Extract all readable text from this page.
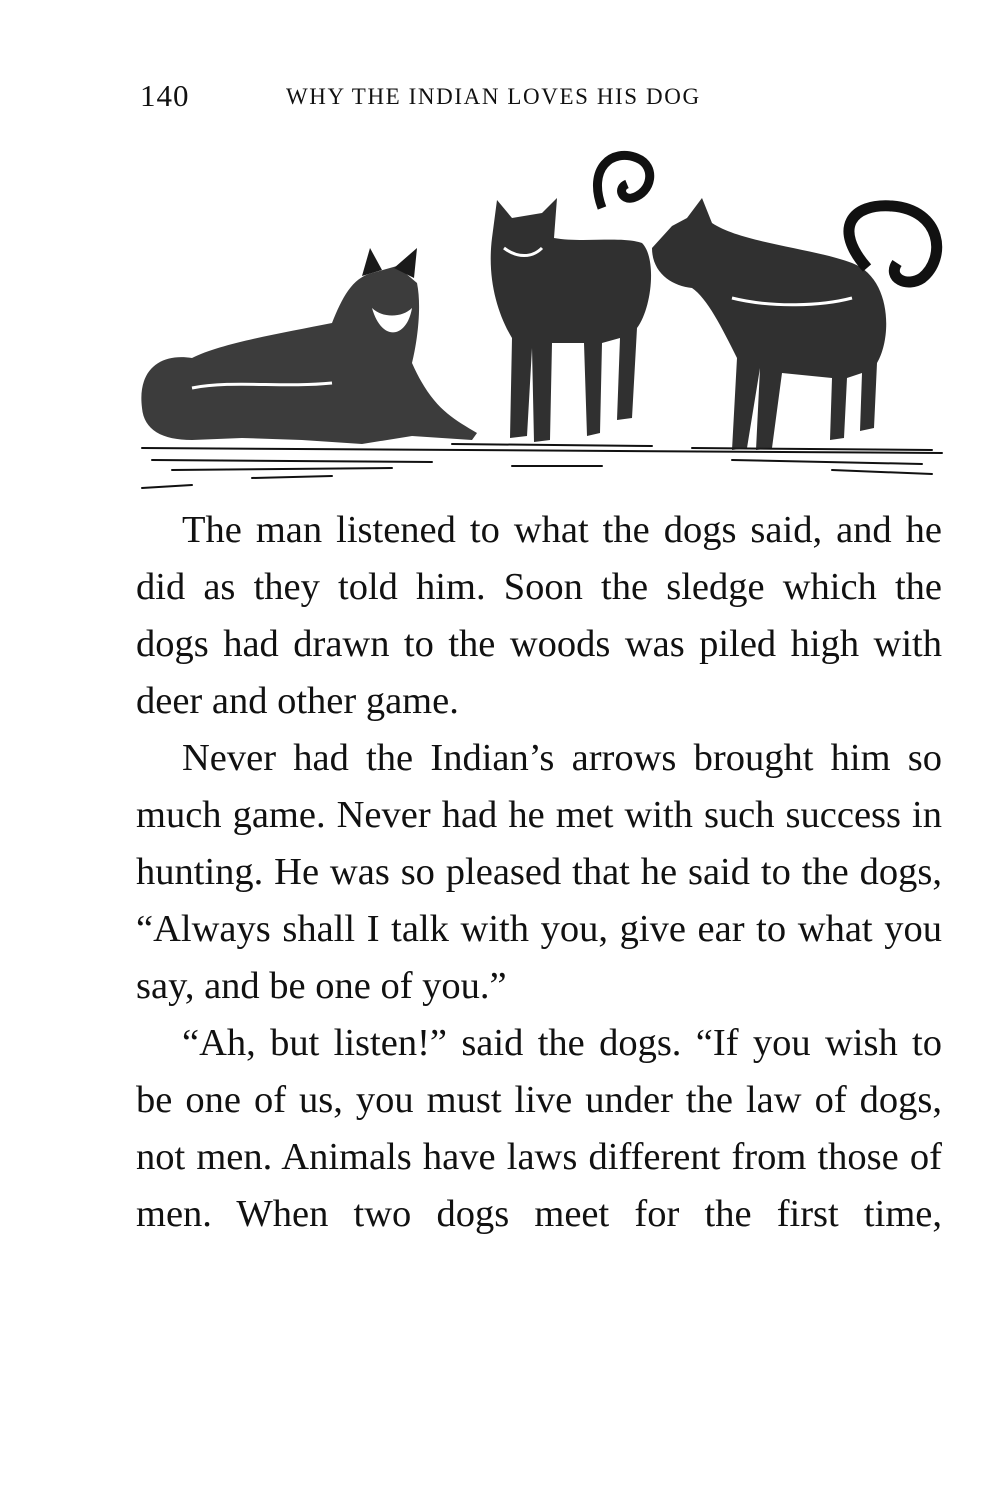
140	WHY THE INDIAN LOVES HIS DOG

The man listened to what the dogs said, and he did as they told him. Soon the sledge which the dogs had drawn to the woods was piled high with deer and other game.

Never had the Indian’s arrows brought him so much game. Never had he met with such success in hunting. He was so pleased that he said to the dogs, “Always shall I talk with you, give ear to what you say, and be one of you.”

“Ah, but listen!” said the dogs. “If you wish to be one of us, you must live under the law of dogs, not men. Animals have laws different from those of men. When two dogs meet for the first time,
